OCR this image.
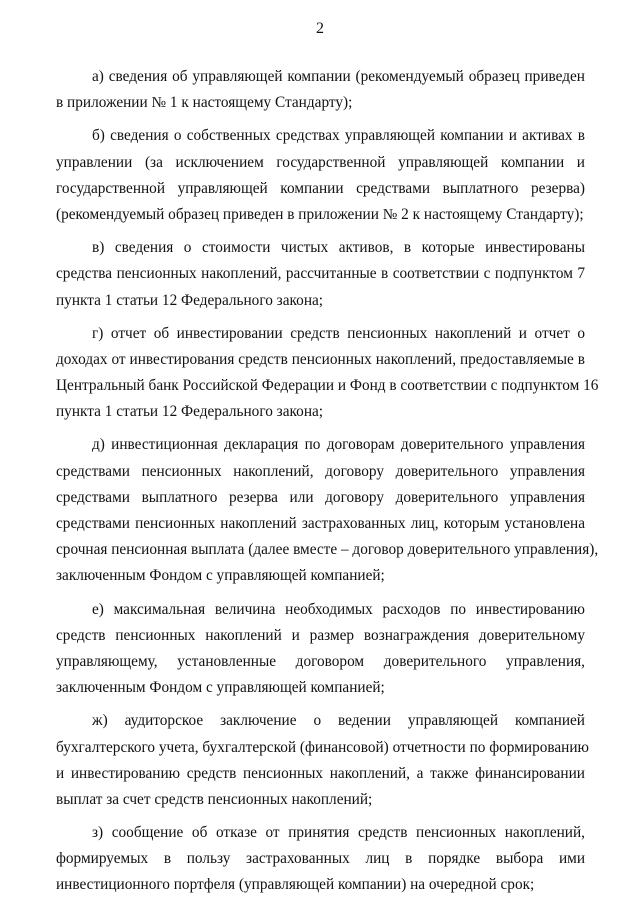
2
а) сведения об управляющей компании (рекомендуемый образец приведен
в приложении № 1 к настоящему Стандарту);
б) сведения о собственных средствах управляющей компании и активах в
управлении (за исключением государственной управляющей компании и
государственной управляющей компании средствами выплатного резерва)
(рекомендуемый образец приведен в приложении № 2 к настоящему Стандарту);
в) сведения о стоимости чистых активов, в которые инвестированы
средства пенсионных накоплений, рассчитанные в соответствии с подпунктом 7
пункта 1 статьи 12 Федерального закона;
г) отчет об инвестировании средств пенсионных накоплений и отчет о
доходах от инвестирования средств пенсионных накоплений, предоставляемые в
Центральный банк Российской Федерации и Фонд в соответствии с подпунктом 16
пункта 1 статьи 12 Федерального закона;
д) инвестиционная декларация по договорам доверительного управления
средствами пенсионных накоплений, договору доверительного управления
средствами выплатного резерва или договору доверительного управления
средствами пенсионных накоплений застрахованных лиц, которым установлена
срочная пенсионная выплата (далее вместе – договор доверительного управления),
заключенным Фондом с управляющей компанией;
е) максимальная величина необходимых расходов по инвестированию
средств пенсионных накоплений и размер вознаграждения доверительному
управляющему, установленные договором доверительного управления,
заключенным Фондом с управляющей компанией;
ж) аудиторское заключение о ведении управляющей компанией
бухгалтерского учета, бухгалтерской (финансовой) отчетности по формированию
и инвестированию средств пенсионных накоплений, а также финансировании
выплат за счет средств пенсионных накоплений;
з) сообщение об отказе от принятия средств пенсионных накоплений,
формируемых в пользу застрахованных лиц в порядке выбора ими
инвестиционного портфеля (управляющей компании) на очередной срок;
